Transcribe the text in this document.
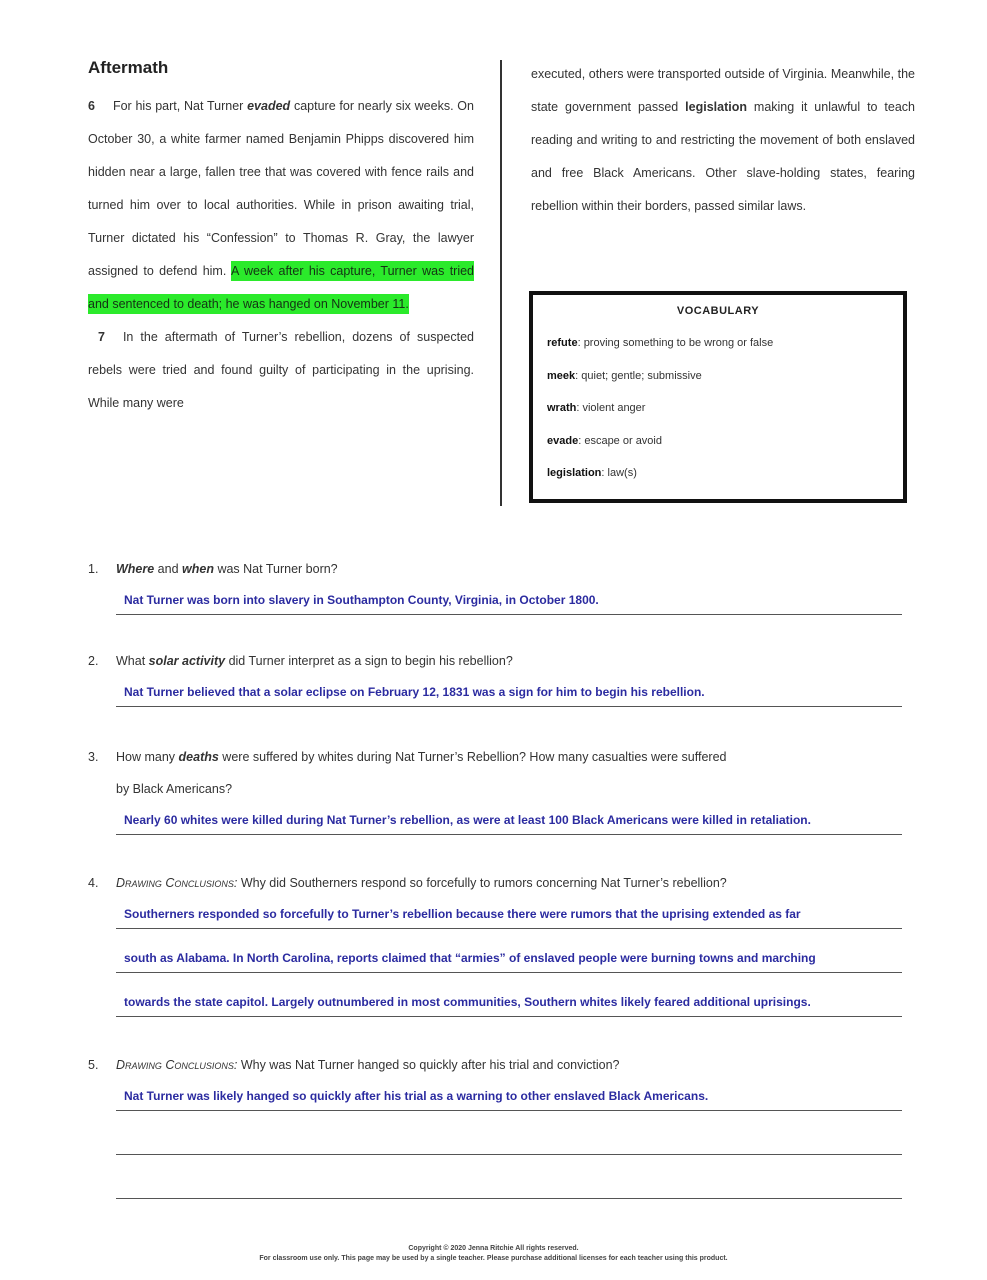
Aftermath

6 For his part, Nat Turner evaded capture for nearly six weeks. On October 30, a white farmer named Benjamin Phipps discovered him hidden near a large, fallen tree that was covered with fence rails and turned him over to local authorities. While in prison awaiting trial, Turner dictated his “Confession” to Thomas R. Gray, the lawyer assigned to defend him. A week after his capture, Turner was tried and sentenced to death; he was hanged on November 11.

7 In the aftermath of Turner’s rebellion, dozens of suspected rebels were tried and found guilty of participating in the uprising. While many were

executed, others were transported outside of Virginia. Meanwhile, the state government passed legislation making it unlawful to teach reading and writing to and restricting the movement of both enslaved and free Black Americans. Other slave-holding states, fearing rebellion within their borders, passed similar laws.

VOCABULARY
refute: proving something to be wrong or false
meek: quiet; gentle; submissive
wrath: violent anger
evade: escape or avoid
legislation: law(s)
1.	Where and when was Nat Turner born?
Nat Turner was born into slavery in Southampton County, Virginia, in October 1800.
2.	What solar activity did Turner interpret as a sign to begin his rebellion?
Nat Turner believed that a solar eclipse on February 12, 1831 was a sign for him to begin his rebellion.
3.	How many deaths were suffered by whites during Nat Turner’s Rebellion? How many casualties were suffered
by Black Americans?
Nearly 60 whites were killed during Nat Turner’s rebellion, as were at least 100 Black Americans were killed in retaliation.
4.	Drawing Conclusions: Why did Southerners respond so forcefully to rumors concerning Nat Turner’s rebellion?
Southerners responded so forcefully to Turner’s rebellion because there were rumors that the uprising extended as far
south as Alabama. In North Carolina, reports claimed that “armies” of enslaved people were burning towns and marching
towards the state capitol. Largely outnumbered in most communities, Southern whites likely feared additional uprisings.
5.	Drawing Conclusions: Why was Nat Turner hanged so quickly after his trial and conviction?
Nat Turner was likely hanged so quickly after his trial as a warning to other enslaved Black Americans.
Copyright © 2020 Jenna Ritchie All rights reserved.
For classroom use only. This page may be used by a single teacher. Please purchase additional licenses for each teacher using this product.
